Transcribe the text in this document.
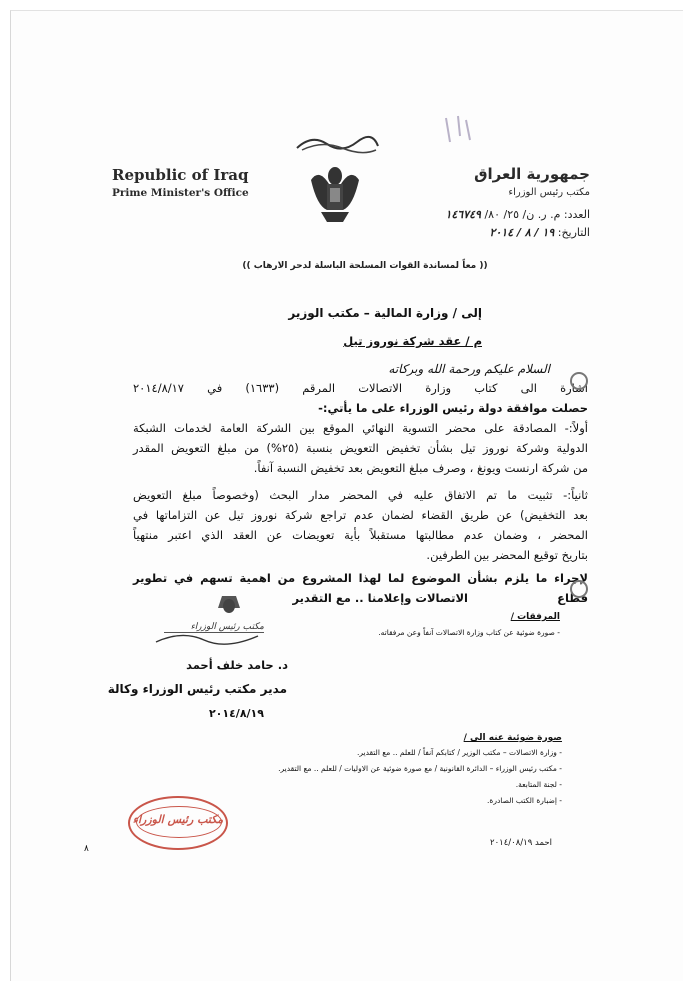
Republic of Iraq
Prime Minister's Office
جمهورية العراق
مكتب رئيس الوزراء
العدد: م. ر. ن/ ٢٥/ ٨٠/ ١٤٦٧٤٩
التاريخ: ١٩ / ٨ / ٢٠١٤
(( معاً لمساندة القوات المسلحة الباسلة لدحر الارهاب ))
إلى / وزارة المالية – مكتب الوزير
م / عقد شركة نوروز تيل
السلام عليكم ورحمة الله وبركاته
اشارة الى كتاب وزارة الاتصالات المرقم (١٦٣٣) في ٢٠١٤/٨/١٧
حصلت موافقة دولة رئيس الوزراء على ما يأتي:-
أولاً:- المصادقة على محضر التسوية النهائي الموقع بين الشركة العامة لخدمات الشبكة
الدولية وشركة نوروز تيل بشأن تخفيض التعويض بنسبة (٢٥%) من مبلغ التعويض المقدر
من شركة ارنست ويونغ ، وصرف مبلغ التعويض بعد تخفيض النسبة آنفاً.
ثانياً:- تثبيت ما تم الاتفاق عليه في المحضر مدار البحث (وخصوصاً مبلغ التعويض
بعد التخفيض) عن طريق القضاء لضمان عدم تراجع شركة نوروز تيل عن التزاماتها في
المحضر ، وضمان عدم مطالبتها مستقبلاً بأية تعويضات عن العقد الذي اعتبر منتهياً
بتاريخ توقيع المحضر بين الطرفين.
لإجراء ما يلزم بشأن الموضوع لما لهذا المشروع من اهمية تسهم في تطوير قطاع
الاتصالات وإعلامنا .. مع التقدير
مكتب رئيس الوزراء
المرفقات /
- صورة ضوئية عن كتاب وزارة الاتصالات آنفاً وعن مرفقاته.
د. حامد خلف أحمد
مدير مكتب رئيس الوزراء وكالة
٢٠١٤/٨/١٩
صورة ضوئية عنه الى /
- وزارة الاتصالات – مكتب الوزير / كتابكم آنفاً / للعلم .. مع التقدير.
- مكتب رئيس الوزراء – الدائرة القانونية / مع صورة ضوئية عن الاوليات / للعلم .. مع التقدير.
- لجنة المتابعة.
- إضبارة الكتب الصادرة.
مكتب رئيس الوزراء
احمد ٢٠١٤/٠٨/١٩
٨
